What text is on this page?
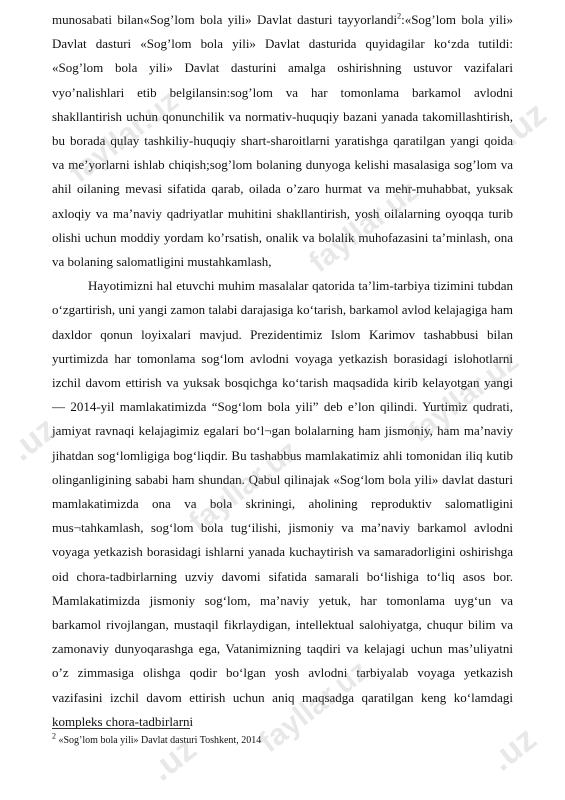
munosabati bilan«Sog’lom bola yili» Davlat dasturi tayyorlandi$^2$:«Sog’lom bola yili» Davlat dasturi «Sog’lom bola yili» Davlat dasturida quyidagilar ko‘zda tutildi: «Sog’lom bola yili» Davlat dasturini amalga oshirishning ustuvor vazifalari vyo’nalishlari etib belgilansin:sog’lom va har tomonlama barkamol avlodni shakllantirish uchun qonunchilik va normativ-huquqiy bazani yanada takomillashtirish, bu borada qulay tashkiliy-huquqiy shart-sharoitlarni yaratishga qaratilgan yangi qoida va me’yorlarni ishlab chiqish;sog’lom bolaning dunyoga kelishi masalasiga sog’lom va ahil oilaning mevasi sifatida qarab, oilada o’zaro hurmat va mehr-muhabbat, yuksak axloqiy va ma’naviy qadriyatlar muhitini shakllantirish, yosh oilalarning oyoqqa turib olishi uchun moddiy yordam ko’rsatish, onalik va bolalik muhofazasini ta’minlash, ona va bolaning salomatligini mustahkamlash,

Hayotimizni hal etuvchi muhim masalalar qatorida ta’lim-tarbiya tizimini tubdan o‘zgartirish, uni yangi zamon talabi darajasiga ko‘tarish, barkamol avlod kelajagiga ham daxldor qonun loyixalari mavjud. Prezidentimiz Islom Karimov tashabbusi bilan yurtimizda har tomonlama sog‘lom avlodni voyaga yetkazish borasidagi islohotlarni izchil davom ettirish va yuksak bosqichga ko‘tarish maqsadida kirib kelayotgan yangi — 2014-yil mamlakatimizda “Sog‘lom bola yili” deb e’lon qilindi. Yurtimiz qudrati, jamiyat ravnaqi kelajagimiz egalari bo‘l¬gan bolalarning ham jismoniy, ham ma’naviy jihatdan sog‘lomligiga bog‘liqdir. Bu tashabbus mamlakatimiz ahli tomonidan iliq kutib olinganligining sababi ham shundan. Qabul qilinajak «Sog‘lom bola yili» davlat dasturi mamlakatimizda ona va bola skriningi, aholining reproduktiv salomatligini mus¬tahkamlash, sog‘lom bola tug‘ilishi, jismoniy va ma’naviy barkamol avlodni voyaga yetkazish borasidagi ishlarni yanada kuchaytirish va samaradorligini oshirishga oid chora-tadbirlarning uzviy davomi sifatida samarali bo‘lishiga to‘liq asos bor. Mamlakatimizda jismoniy sog‘lom, ma’naviy yetuk, har tomonlama uyg‘un va barkamol rivojlangan, mustaqil fikrlaydigan, intellektual salohiyatga, chuqur bilim va zamonaviy dunyoqarashga ega, Vatanimizning taqdiri va kelajagi uchun mas’uliyatni o’z zimmasiga olishga qodir bo‘lgan yosh avlodni tarbiyalab voyaga yetkazish vazifasini izchil davom ettirish uchun aniq maqsadga qaratilgan keng ko‘lamdagi kompleks chora-tadbirlarni

$^2$ «Sog’lom bola yili» Davlat dasturi Toshkent, 2014
fayllar.uz
fayllar.uz
.uz
.uz	fayllar.uz
fayllar.uz
fayllar.uz
.uz	.uz
